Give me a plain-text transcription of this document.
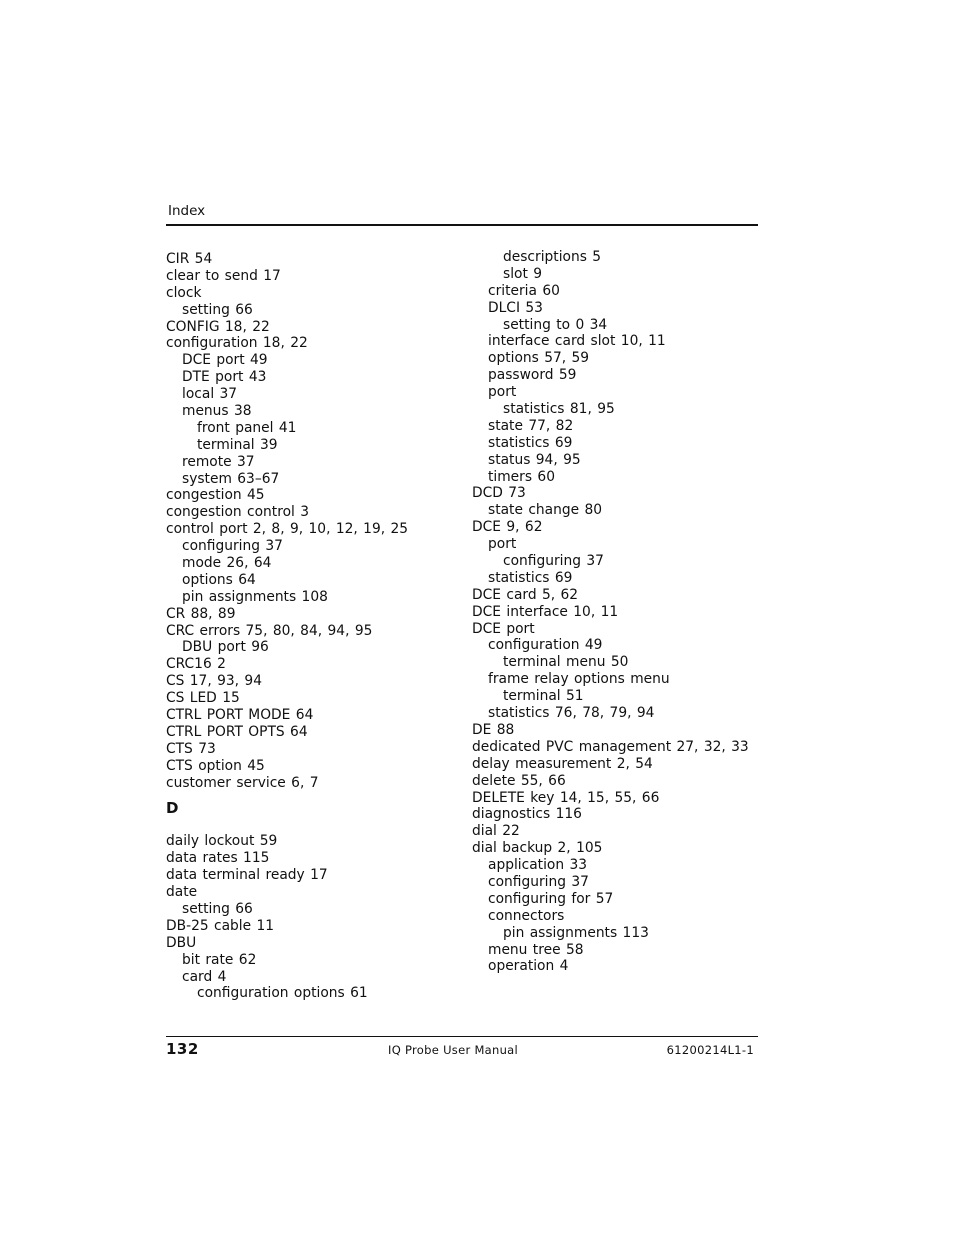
Index
CIR 54
clear to send 17
clock
setting 66
CONFIG 18, 22
configuration 18, 22
DCE port 49
DTE port 43
local 37
menus 38
front panel 41
terminal 39
remote 37
system 63–67
congestion 45
congestion control 3
control port 2, 8, 9, 10, 12, 19, 25
configuring 37
mode 26, 64
options 64
pin assignments 108
CR 88, 89
CRC errors 75, 80, 84, 94, 95
DBU port 96
CRC16 2
CS 17, 93, 94
CS LED 15
CTRL PORT MODE 64
CTRL PORT OPTS 64
CTS 73
CTS option 45
customer service 6, 7
D
daily lockout 59
data rates 115
data terminal ready 17
date
setting 66
DB-25 cable 11
DBU
bit rate 62
card 4
configuration options 61
descriptions 5
slot 9
criteria 60
DLCI 53
setting to 0 34
interface card slot 10, 11
options 57, 59
password 59
port
statistics 81, 95
state 77, 82
statistics 69
status 94, 95
timers 60
DCD 73
state change 80
DCE 9, 62
port
configuring 37
statistics 69
DCE card 5, 62
DCE interface 10, 11
DCE port
configuration 49
terminal menu 50
frame relay options menu
terminal 51
statistics 76, 78, 79, 94
DE 88
dedicated PVC management 27, 32, 33
delay measurement 2, 54
delete 55, 66
DELETE key 14, 15, 55, 66
diagnostics 116
dial 22
dial backup 2, 105
application 33
configuring 37
configuring for 57
connectors
pin assignments 113
menu tree 58
operation 4
132	IQ Probe User Manual	61200214L1-1
